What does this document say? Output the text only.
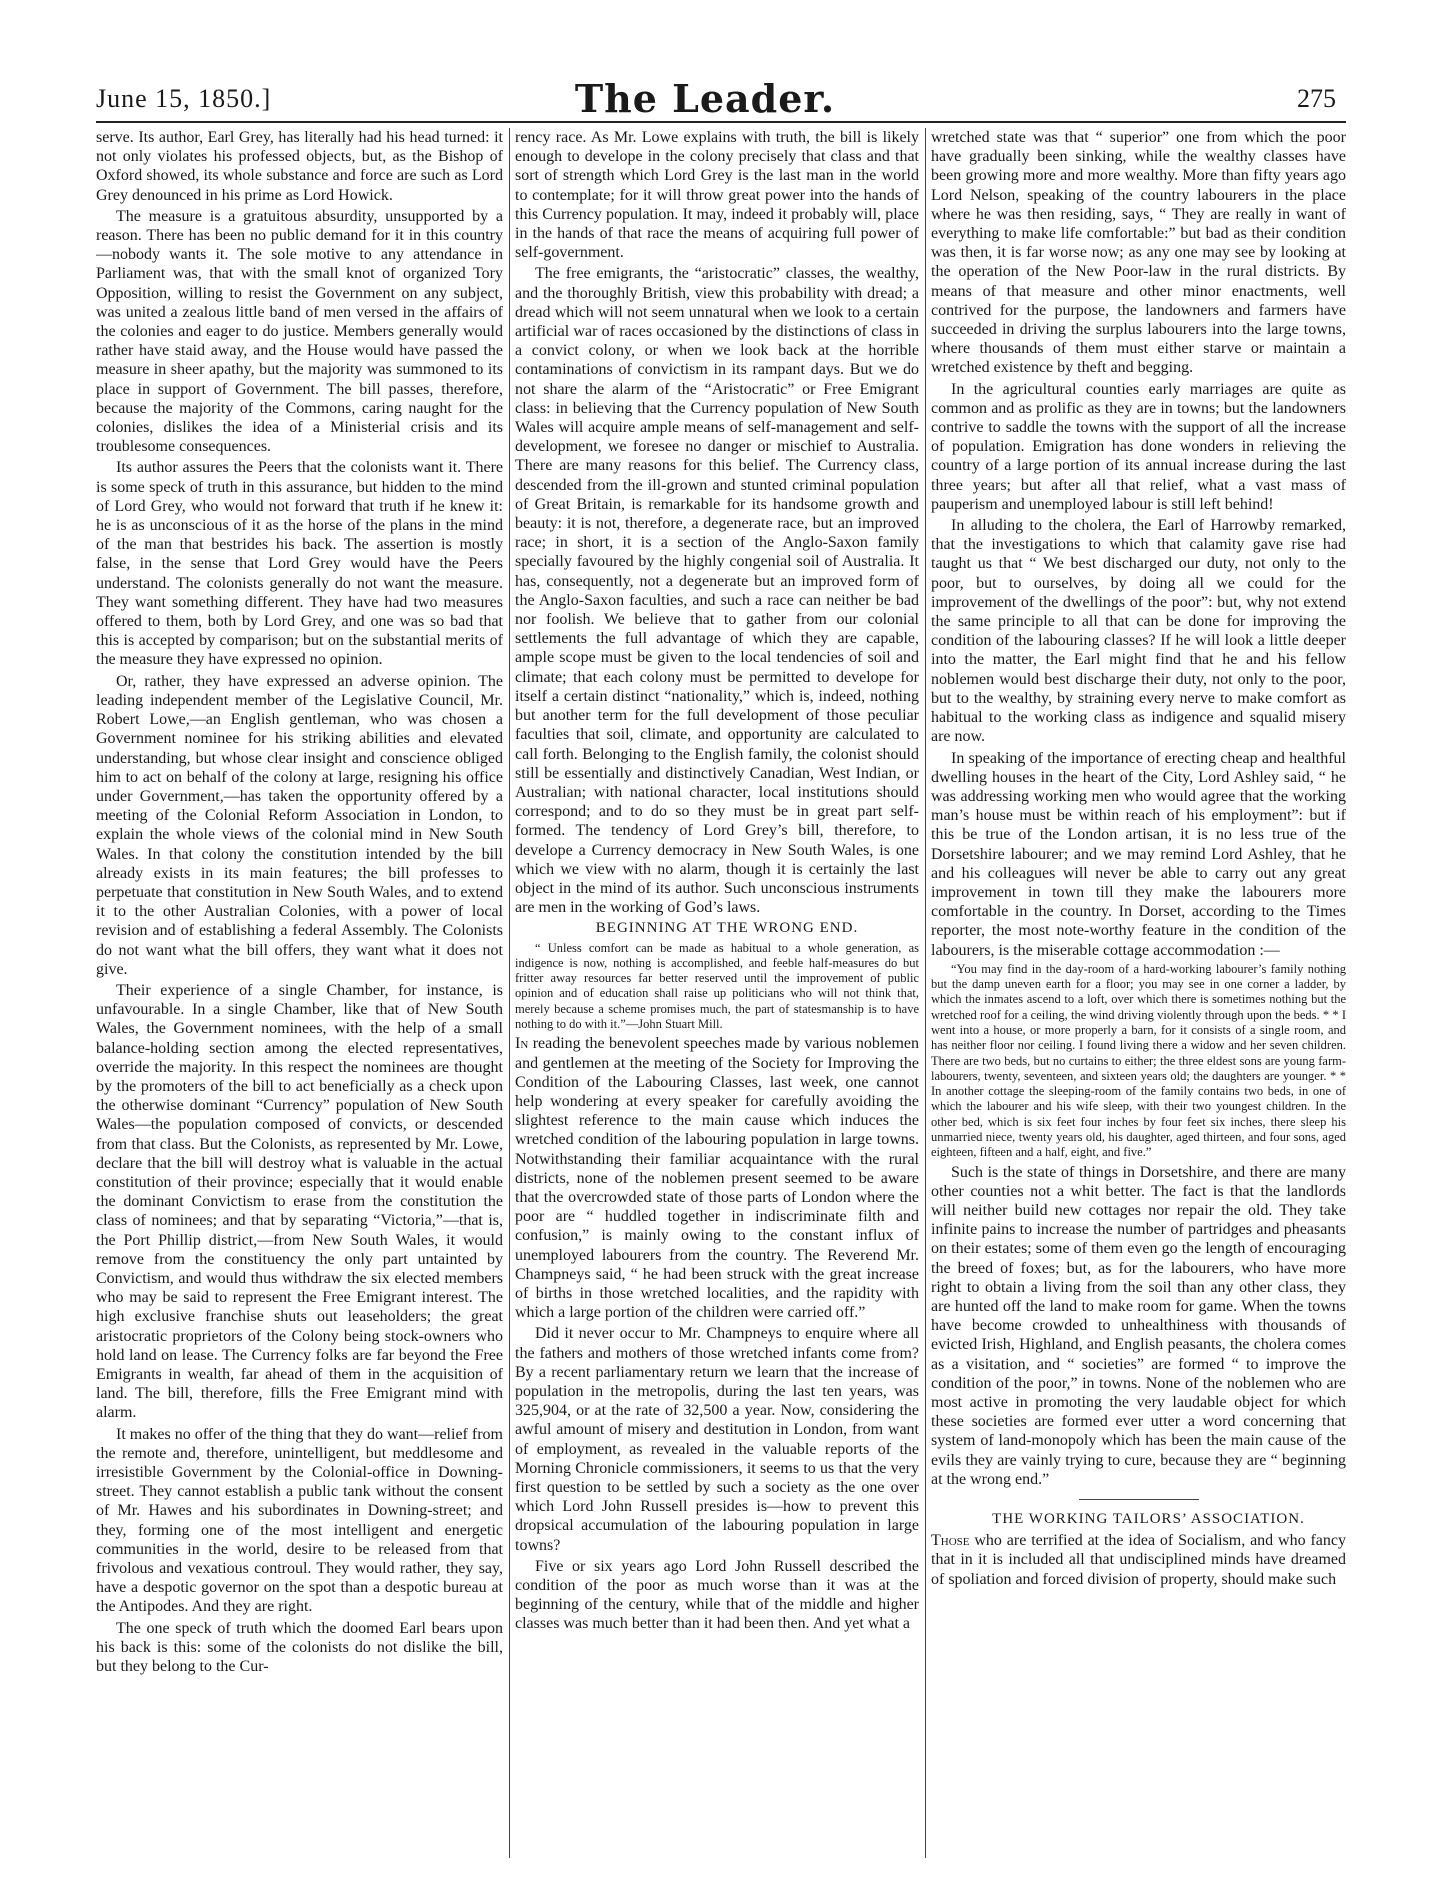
June 15, 1850.]	The Leader.	275

serve. Its author, Earl Grey, has literally had his head turned: it not only violates his professed objects, but, as the Bishop of Oxford showed, its whole substance and force are such as Lord Grey denounced in his prime as Lord Howick.

The measure is a gratuitous absurdity, unsupported by a reason. There has been no public demand for it in this country—nobody wants it. The sole motive to any attendance in Parliament was, that with the small knot of organized Tory Opposition, willing to resist the Government on any subject, was united a zealous little band of men versed in the affairs of the colonies and eager to do justice. Members generally would rather have staid away, and the House would have passed the measure in sheer apathy, but the majority was summoned to its place in support of Government. The bill passes, therefore, because the majority of the Commons, caring naught for the colonies, dislikes the idea of a Ministerial crisis and its troublesome consequences.

Its author assures the Peers that the colonists want it. There is some speck of truth in this assurance, but hidden to the mind of Lord Grey, who would not forward that truth if he knew it: he is as unconscious of it as the horse of the plans in the mind of the man that bestrides his back. The assertion is mostly false, in the sense that Lord Grey would have the Peers understand. The colonists generally do not want the measure. They want something different. They have had two measures offered to them, both by Lord Grey, and one was so bad that this is accepted by comparison; but on the substantial merits of the measure they have expressed no opinion.

Or, rather, they have expressed an adverse opinion. The leading independent member of the Legislative Council, Mr. Robert Lowe,—an English gentleman, who was chosen a Government nominee for his striking abilities and elevated understanding, but whose clear insight and conscience obliged him to act on behalf of the colony at large, resigning his office under Government,—has taken the opportunity offered by a meeting of the Colonial Reform Association in London, to explain the whole views of the colonial mind in New South Wales. In that colony the constitution intended by the bill already exists in its main features; the bill professes to perpetuate that constitution in New South Wales, and to extend it to the other Australian Colonies, with a power of local revision and of establishing a federal Assembly. The Colonists do not want what the bill offers, they want what it does not give.

Their experience of a single Chamber, for instance, is unfavourable. In a single Chamber, like that of New South Wales, the Government nominees, with the help of a small balance-holding section among the elected representatives, override the majority. In this respect the nominees are thought by the promoters of the bill to act beneficially as a check upon the otherwise dominant “Currency” population of New South Wales—the population composed of convicts, or descended from that class. But the Colonists, as represented by Mr. Lowe, declare that the bill will destroy what is valuable in the actual constitution of their province; especially that it would enable the dominant Convictism to erase from the constitution the class of nominees; and that by separating “Victoria,”—that is, the Port Phillip district,—from New South Wales, it would remove from the constituency the only part untainted by Convictism, and would thus withdraw the six elected members who may be said to represent the Free Emigrant interest. The high exclusive franchise shuts out leaseholders; the great aristocratic proprietors of the Colony being stock-owners who hold land on lease. The Currency folks are far beyond the Free Emigrants in wealth, far ahead of them in the acquisition of land. The bill, therefore, fills the Free Emigrant mind with alarm.

It makes no offer of the thing that they do want—relief from the remote and, therefore, unintelligent, but meddlesome and irresistible Government by the Colonial-office in Downing-street. They cannot establish a public tank without the consent of Mr. Hawes and his subordinates in Downing-street; and they, forming one of the most intelligent and energetic communities in the world, desire to be released from that frivolous and vexatious controul. They would rather, they say, have a despotic governor on the spot than a despotic bureau at the Antipodes. And they are right.

The one speck of truth which the doomed Earl bears upon his back is this: some of the colonists do not dislike the bill, but they belong to the Cur-

rency race. As Mr. Lowe explains with truth, the bill is likely enough to develope in the colony precisely that class and that sort of strength which Lord Grey is the last man in the world to contemplate; for it will throw great power into the hands of this Currency population. It may, indeed it probably will, place in the hands of that race the means of acquiring full power of self-government.

The free emigrants, the “aristocratic” classes, the wealthy, and the thoroughly British, view this probability with dread; a dread which will not seem unnatural when we look to a certain artificial war of races occasioned by the distinctions of class in a convict colony, or when we look back at the horrible contaminations of convictism in its rampant days. But we do not share the alarm of the “Aristocratic” or Free Emigrant class: in believing that the Currency population of New South Wales will acquire ample means of self-management and self-development, we foresee no danger or mischief to Australia. There are many reasons for this belief. The Currency class, descended from the ill-grown and stunted criminal population of Great Britain, is remarkable for its handsome growth and beauty: it is not, therefore, a degenerate race, but an improved race; in short, it is a section of the Anglo-Saxon family specially favoured by the highly congenial soil of Australia. It has, consequently, not a degenerate but an improved form of the Anglo-Saxon faculties, and such a race can neither be bad nor foolish. We believe that to gather from our colonial settlements the full advantage of which they are capable, ample scope must be given to the local tendencies of soil and climate; that each colony must be permitted to develope for itself a certain distinct “nationality,” which is, indeed, nothing but another term for the full development of those peculiar faculties that soil, climate, and opportunity are calculated to call forth. Belonging to the English family, the colonist should still be essentially and distinctively Canadian, West Indian, or Australian; with national character, local institutions should correspond; and to do so they must be in great part self-formed. The tendency of Lord Grey’s bill, therefore, to develope a Currency democracy in New South Wales, is one which we view with no alarm, though it is certainly the last object in the mind of its author. Such unconscious instruments are men in the working of God’s laws.

BEGINNING AT THE WRONG END.

“ Unless comfort can be made as habitual to a whole generation, as indigence is now, nothing is accomplished, and feeble half-measures do but fritter away resources far better reserved until the improvement of public opinion and of education shall raise up politicians who will not think that, merely because a scheme promises much, the part of statesmanship is to have nothing to do with it.”—John Stuart Mill.

In reading the benevolent speeches made by various noblemen and gentlemen at the meeting of the Society for Improving the Condition of the Labouring Classes, last week, one cannot help wondering at every speaker for carefully avoiding the slightest reference to the main cause which induces the wretched condition of the labouring population in large towns. Notwithstanding their familiar acquaintance with the rural districts, none of the noblemen present seemed to be aware that the overcrowded state of those parts of London where the poor are “ huddled together in indiscriminate filth and confusion,” is mainly owing to the constant influx of unemployed labourers from the country. The Reverend Mr. Champneys said, “ he had been struck with the great increase of births in those wretched localities, and the rapidity with which a large portion of the children were carried off.”

Did it never occur to Mr. Champneys to enquire where all the fathers and mothers of those wretched infants come from? By a recent parliamentary return we learn that the increase of population in the metropolis, during the last ten years, was 325,904, or at the rate of 32,500 a year. Now, considering the awful amount of misery and destitution in London, from want of employment, as revealed in the valuable reports of the Morning Chronicle commissioners, it seems to us that the very first question to be settled by such a society as the one over which Lord John Russell presides is—how to prevent this dropsical accumulation of the labouring population in large towns?

Five or six years ago Lord John Russell described the condition of the poor as much worse than it was at the beginning of the century, while that of the middle and higher classes was much better than it had been then. And yet what a

wretched state was that “ superior” one from which the poor have gradually been sinking, while the wealthy classes have been growing more and more wealthy. More than fifty years ago Lord Nelson, speaking of the country labourers in the place where he was then residing, says, “ They are really in want of everything to make life comfortable:” but bad as their condition was then, it is far worse now; as any one may see by looking at the operation of the New Poor-law in the rural districts. By means of that measure and other minor enactments, well contrived for the purpose, the landowners and farmers have succeeded in driving the surplus labourers into the large towns, where thousands of them must either starve or maintain a wretched existence by theft and begging.

In the agricultural counties early marriages are quite as common and as prolific as they are in towns; but the landowners contrive to saddle the towns with the support of all the increase of population. Emigration has done wonders in relieving the country of a large portion of its annual increase during the last three years; but after all that relief, what a vast mass of pauperism and unemployed labour is still left behind!

In alluding to the cholera, the Earl of Harrowby remarked, that the investigations to which that calamity gave rise had taught us that “ We best discharged our duty, not only to the poor, but to ourselves, by doing all we could for the improvement of the dwellings of the poor”: but, why not extend the same principle to all that can be done for improving the condition of the labouring classes? If he will look a little deeper into the matter, the Earl might find that he and his fellow noblemen would best discharge their duty, not only to the poor, but to the wealthy, by straining every nerve to make comfort as habitual to the working class as indigence and squalid misery are now.

In speaking of the importance of erecting cheap and healthful dwelling houses in the heart of the City, Lord Ashley said, “ he was addressing working men who would agree that the working man’s house must be within reach of his employment”: but if this be true of the London artisan, it is no less true of the Dorsetshire labourer; and we may remind Lord Ashley, that he and his colleagues will never be able to carry out any great improvement in town till they make the labourers more comfortable in the country. In Dorset, according to the Times reporter, the most note-worthy feature in the condition of the labourers, is the miserable cottage accommodation :—

“You may find in the day-room of a hard-working labourer’s family nothing but the damp uneven earth for a floor; you may see in one corner a ladder, by which the inmates ascend to a loft, over which there is sometimes nothing but the wretched roof for a ceiling, the wind driving violently through upon the beds. * * I went into a house, or more properly a barn, for it consists of a single room, and has neither floor nor ceiling. I found living there a widow and her seven children. There are two beds, but no curtains to either; the three eldest sons are young farm-labourers, twenty, seventeen, and sixteen years old; the daughters are younger. * * In another cottage the sleeping-room of the family contains two beds, in one of which the labourer and his wife sleep, with their two youngest children. In the other bed, which is six feet four inches by four feet six inches, there sleep his unmarried niece, twenty years old, his daughter, aged thirteen, and four sons, aged eighteen, fifteen and a half, eight, and five.”

Such is the state of things in Dorsetshire, and there are many other counties not a whit better. The fact is that the landlords will neither build new cottages nor repair the old. They take infinite pains to increase the number of partridges and pheasants on their estates; some of them even go the length of encouraging the breed of foxes; but, as for the labourers, who have more right to obtain a living from the soil than any other class, they are hunted off the land to make room for game. When the towns have become crowded to unhealthiness with thousands of evicted Irish, Highland, and English peasants, the cholera comes as a visitation, and “ societies” are formed “ to improve the condition of the poor,” in towns. None of the noblemen who are most active in promoting the very laudable object for which these societies are formed ever utter a word concerning that system of land-monopoly which has been the main cause of the evils they are vainly trying to cure, because they are “ beginning at the wrong end.”

THE WORKING TAILORS’ ASSOCIATION.

Those who are terrified at the idea of Socialism, and who fancy that in it is included all that undisciplined minds have dreamed of spoliation and forced division of property, should make such
